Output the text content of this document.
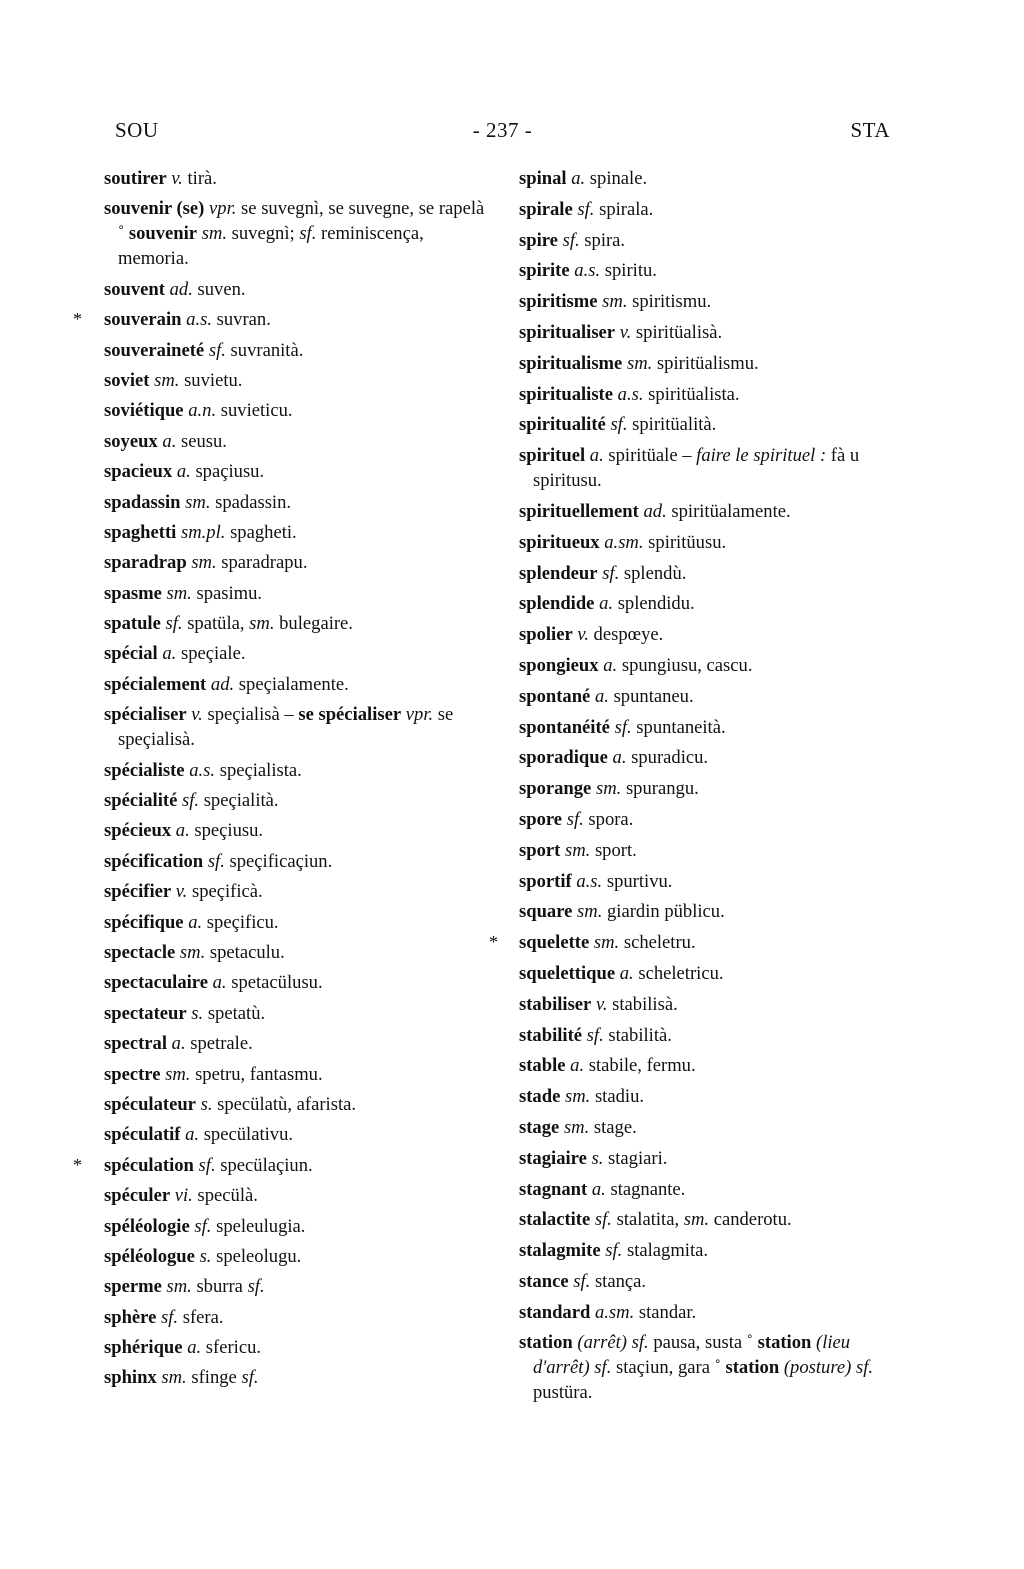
SOU	- 237 -	STA
soutirer v. tirà.
souvenir (se) vpr. se suvegnì, se suvegne, se rapelà ˚ souvenir sm. suvegnì; sf. reminiscença, memoria.
souvent ad. suven.
* souverain a.s. suvran.
souveraineté sf. suvranità.
soviet sm. suvietu.
soviétique a.n. suvieticu.
soyeux a. seusu.
spacieux a. spaçiusu.
spadassin sm. spadassin.
spaghetti sm.pl. spagheti.
sparadrap sm. sparadrapu.
spasme sm. spasimu.
spatule sf. spatüla, sm. bulegaire.
spécial a. speçiale.
spécialement ad. speçialamente.
spécialiser v. speçialisà – se spécialiser vpr. se speçialisà.
spécialiste a.s. speçialista.
spécialité sf. speçialità.
spécieux a. speçiusu.
spécification sf. speçificaçiun.
spécifier v. speçificà.
spécifique a. speçificu.
spectacle sm. spetaculu.
spectaculaire a. spetacülusu.
spectateur s. spetatù.
spectral a. spetrale.
spectre sm. spetru, fantasmu.
spéculateur s. specülatù, afarista.
spéculatif a. specülativu.
* spéculation sf. specülaçiun.
spéculer vi. specülà.
spéléologie sf. speleulugia.
spéléologue s. speleolugu.
sperme sm. sburra sf.
sphère sf. sfera.
sphérique a. sfericu.
sphinx sm. sfinge sf.
spinal a. spinale.
spirale sf. spirala.
spire sf. spira.
spirite a.s. spiritu.
spiritisme sm. spiritismu.
spiritualiser v. spiritüalisà.
spiritualisme sm. spiritüalismu.
spiritualiste a.s. spiritüalista.
spiritualité sf. spiritüalità.
spirituel a. spiritüale – faire le spirituel : fà u spiritusu.
spirituellement ad. spiritüalamente.
spiritueux a.sm. spiritüusu.
splendeur sf. splendù.
splendide a. splendidu.
spolier v. despœye.
spongieux a. spungiusu, cascu.
spontané a. spuntaneu.
spontanéité sf. spuntaneità.
sporadique a. spuradicu.
sporange sm. spurangu.
spore sf. spora.
sport sm. sport.
sportif a.s. spurtivu.
square sm. giardin püblicu.
* squelette sm. scheletru.
squelettique a. scheletricu.
stabiliser v. stabilisà.
stabilité sf. stabilità.
stable a. stabile, fermu.
stade sm. stadiu.
stage sm. stage.
stagiaire s. stagiari.
stagnant a. stagnante.
stalactite sf. stalatita, sm. canderotu.
stalagmite sf. stalagmita.
stance sf. stança.
standard a.sm. standar.
station (arrêt) sf. pausa, susta ˚ station (lieu d'arrêt) sf. staçiun, gara ˚ station (posture) sf. pustüra.
